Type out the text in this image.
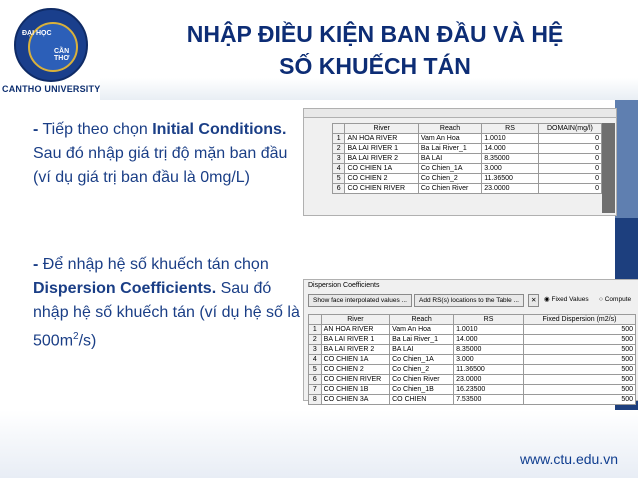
ĐẠI HỌC
CẦN THƠ
CANTHO UNIVERSITY
NHẬP ĐIỀU KIỆN BAN ĐẦU VÀ HỆ
SỐ KHUẾCH TÁN
www.ctu.edu.vn
- Tiếp theo chọn Initial Conditions. Sau đó nhập giá trị độ mặn ban đầu (ví dụ giá trị ban đầu là 0mg/L)
- Để nhập hệ số khuếch tán chọn Dispersion Coefficients. Sau đó nhập hệ số khuếch tán (ví dụ hệ số là $500m^2/s$)
	River	Reach	RS	DOMAIN(mg/l)
1	AN HOA RIVER	Vam An Hoa	1.0010	0
2	BA LAI RIVER 1	Ba Lai River_1	14.000	0
3	BA LAI RIVER 2	BA LAI	8.35000	0
4	CO CHIEN 1A	Co Chien_1A	3.000	0
5	CO CHIEN 2	Co Chien_2	11.36500	0
6	CO CHIEN RIVER	Co Chien River	23.0000	0
Dispersion Coefficients
Show face interpolated values ...	Add RS(s) locations to the Table ...	✕	◉ Fixed Values ○ Compute
	River	Reach	RS	Fixed Dispersion (m2/s)
1	AN HOA RIVER	Vam An Hoa	1.0010	500
2	BA LAI RIVER 1	Ba Lai River_1	14.000	500
3	BA LAI RIVER 2	BA LAI	8.35000	500
4	CO CHIEN 1A	Co Chien_1A	3.000	500
5	CO CHIEN 2	Co Chien_2	11.36500	500
6	CO CHIEN RIVER	Co Chien River	23.0000	500
7	CO CHIEN 1B	Co Chien_1B	16.23500	500
8	CO CHIEN 3A	CO CHIEN	7.53500	500
